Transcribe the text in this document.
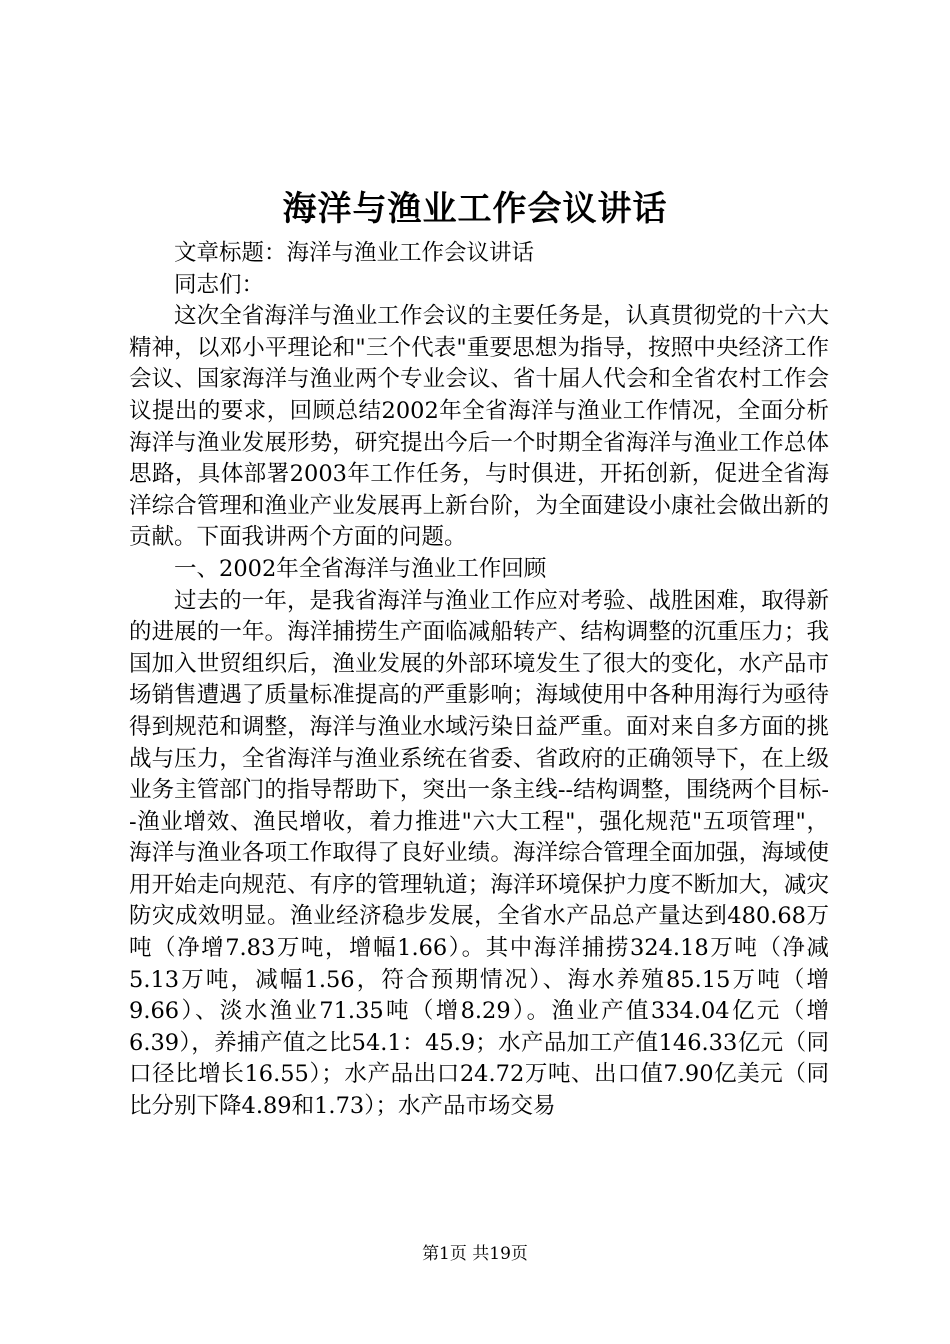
海洋与渔业工作会议讲话

文章标题：海洋与渔业工作会议讲话

同志们：

这次全省海洋与渔业工作会议的主要任务是，认真贯彻党的十六大精神，以邓小平理论和"三个代表"重要思想为指导，按照中央经济工作会议、国家海洋与渔业两个专业会议、省十届人代会和全省农村工作会议提出的要求，回顾总结2002年全省海洋与渔业工作情况，全面分析海洋与渔业发展形势，研究提出今后一个时期全省海洋与渔业工作总体思路，具体部署2003年工作任务，与时俱进，开拓创新，促进全省海洋综合管理和渔业产业发展再上新台阶，为全面建设小康社会做出新的贡献。下面我讲两个方面的问题。

一、2002年全省海洋与渔业工作回顾

过去的一年，是我省海洋与渔业工作应对考验、战胜困难，取得新的进展的一年。海洋捕捞生产面临减船转产、结构调整的沉重压力；我国加入世贸组织后，渔业发展的外部环境发生了很大的变化，水产品市场销售遭遇了质量标准提高的严重影响；海域使用中各种用海行为亟待得到规范和调整，海洋与渔业水域污染日益严重。面对来自多方面的挑战与压力，全省海洋与渔业系统在省委、省政府的正确领导下，在上级业务主管部门的指导帮助下，突出一条主线--结构调整，围绕两个目标--渔业增效、渔民增收，着力推进"六大工程"，强化规范"五项管理"，海洋与渔业各项工作取得了良好业绩。海洋综合管理全面加强，海域使用开始走向规范、有序的管理轨道；海洋环境保护力度不断加大，减灾防灾成效明显。渔业经济稳步发展，全省水产品总产量达到480.68万吨（净增7.83万吨，增幅1.66）。其中海洋捕捞324.18万吨（净减5.13万吨，减幅1.56，符合预期情况）、海水养殖85.15万吨（增9.66）、淡水渔业71.35吨（增8.29）。渔业产值334.04亿元（增6.39），养捕产值之比54.1：45.9；水产品加工产值146.33亿元（同口径比增长16.55）；水产品出口24.72万吨、出口值7.90亿美元（同比分别下降4.89和1.73）；水产品市场交易

第1页 共19页
